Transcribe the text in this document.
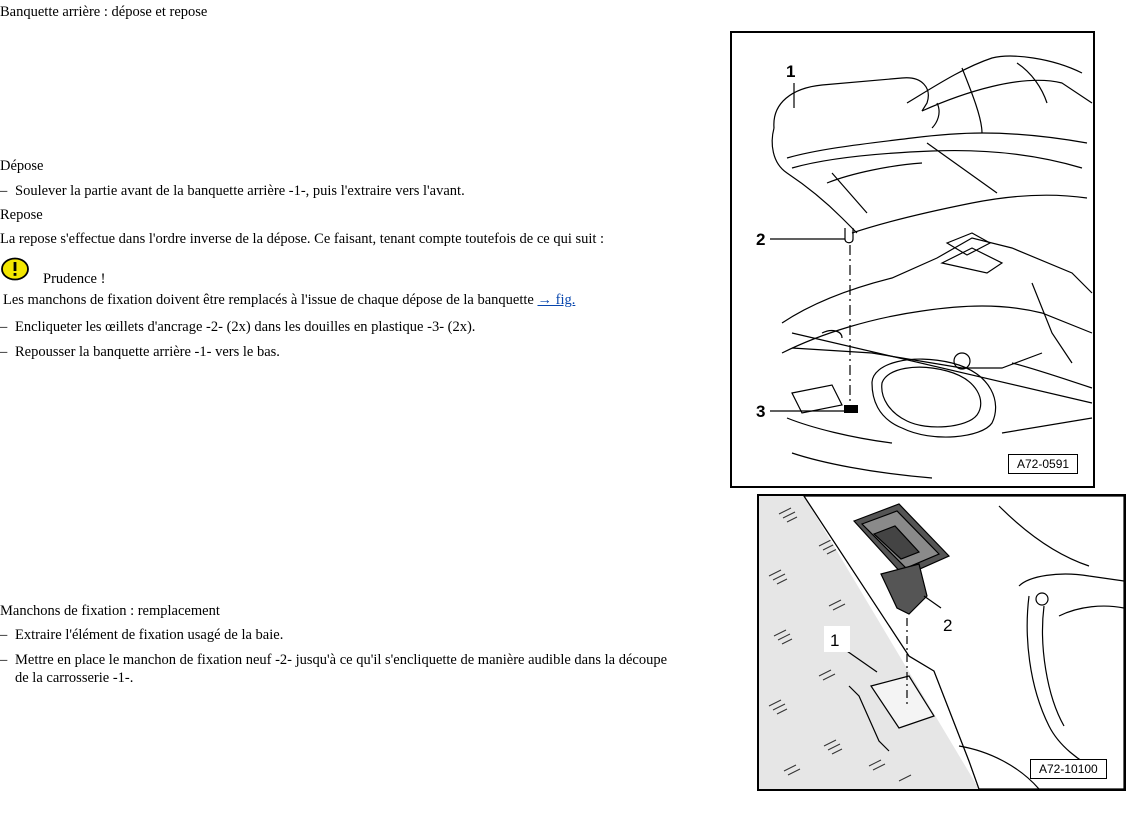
Banquette arrière : dépose et repose
Dépose
– Soulever la partie avant de la banquette arrière -1-, puis l'extraire vers l'avant.
Repose
La repose s'effectue dans l'ordre inverse de la dépose. Ce faisant, tenant compte toutefois de ce qui suit :
Prudence !
Les manchons de fixation doivent être remplacés à l'issue de chaque dépose de la banquette → fig.
– Encliqueter les œillets d'ancrage -2- (2x) dans les douilles en plastique -3- (2x).
– Repousser la banquette arrière -1- vers le bas.
Manchons de fixation : remplacement
– Extraire l'élément de fixation usagé de la baie.
– Mettre en place le manchon de fixation neuf -2- jusqu'à ce qu'il s'encliquette de manière audible dans la découpe
de la carrosserie -1-.
1
2
3
A72-0591
1
2
A72-10100
